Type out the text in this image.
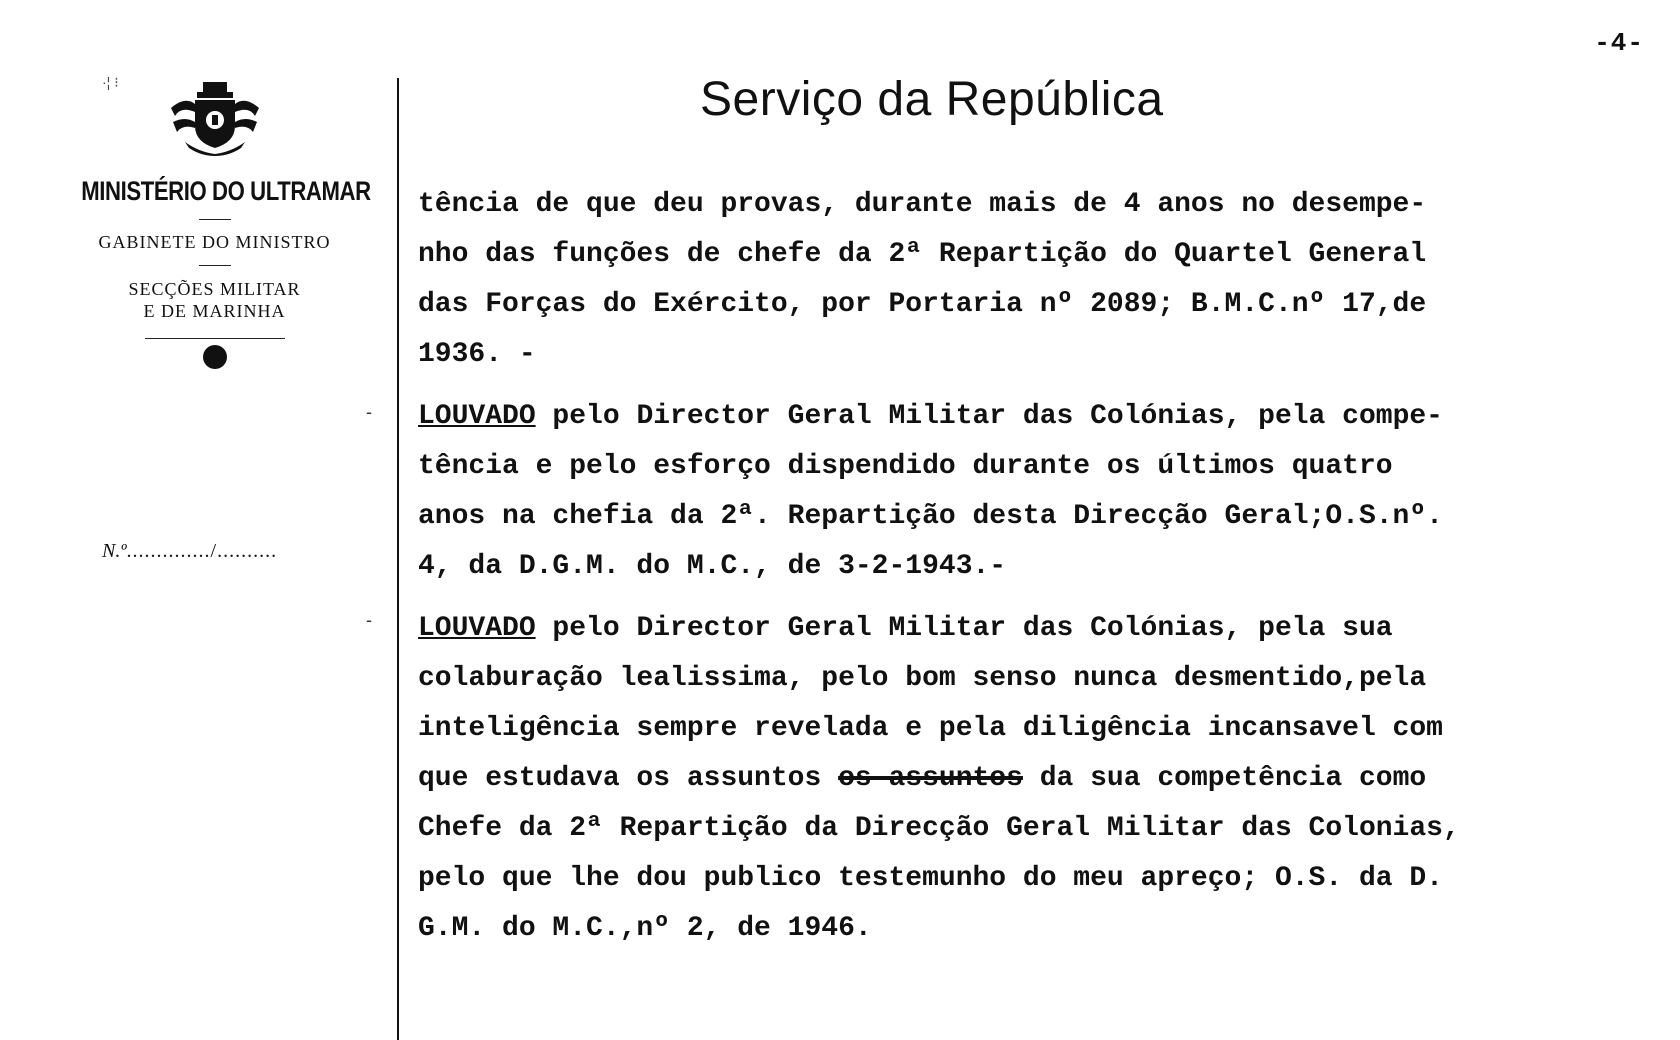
-4-
·¦ ⁝
MINISTÉRIO DO ULTRAMAR
GABINETE DO MINISTRO
SECÇÕES MILITAR
E DE MARINHA
N.º............../..........
Serviço da República
-
-
tência de que deu provas, durante mais de 4 anos no desempe-
nho das funções de chefe da 2ª Repartição do Quartel General
das Forças do Exército, por Portaria nº 2089; B.M.C.nº 17,de
1936. -
LOUVADO pelo Director Geral Militar das Colónias, pela compe-
tência e pelo esforço dispendido durante os últimos quatro
anos na chefia da 2ª. Repartição desta Direcção Geral;O.S.nº.
4, da D.G.M. do M.C., de 3-2-1943.-
LOUVADO pelo Director Geral Militar das Colónias, pela sua
colaburação lealissima, pelo bom senso nunca desmentido,pela
inteligência sempre revelada e pela diligência incansavel com
que estudava os assuntos os assuntos da sua competência como
Chefe da 2ª Repartição da Direcção Geral Militar das Colonias,
pelo que lhe dou publico testemunho do meu apreço; O.S. da D.
G.M. do M.C.,nº 2, de 1946.
